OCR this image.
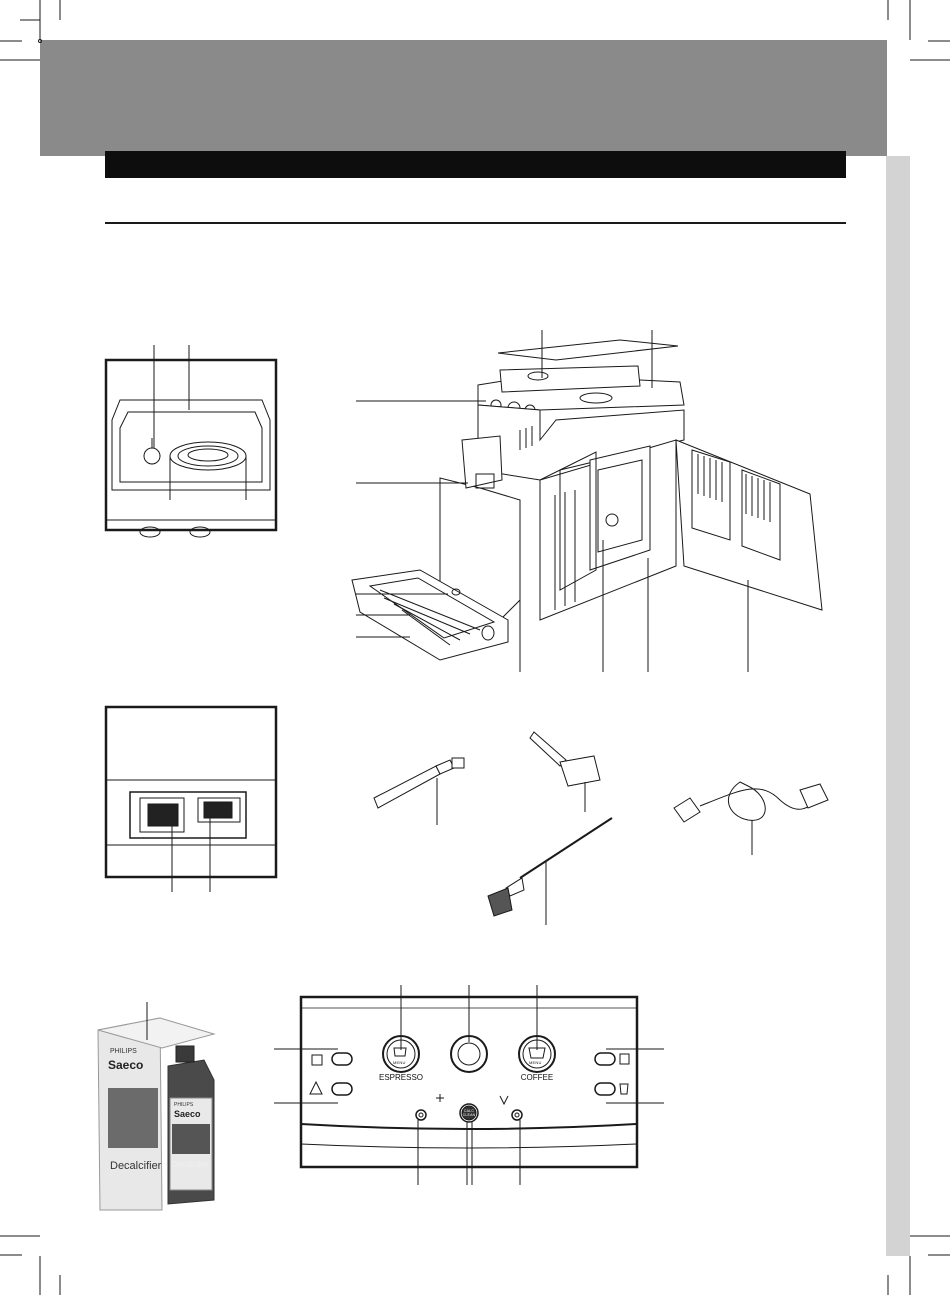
ESPRESSO	COFFEE
MENU	MENU
CALC CLEAN
PHILIPS
Saeco
Decalcifier
PHILIPS
Saeco
Decalcifier
